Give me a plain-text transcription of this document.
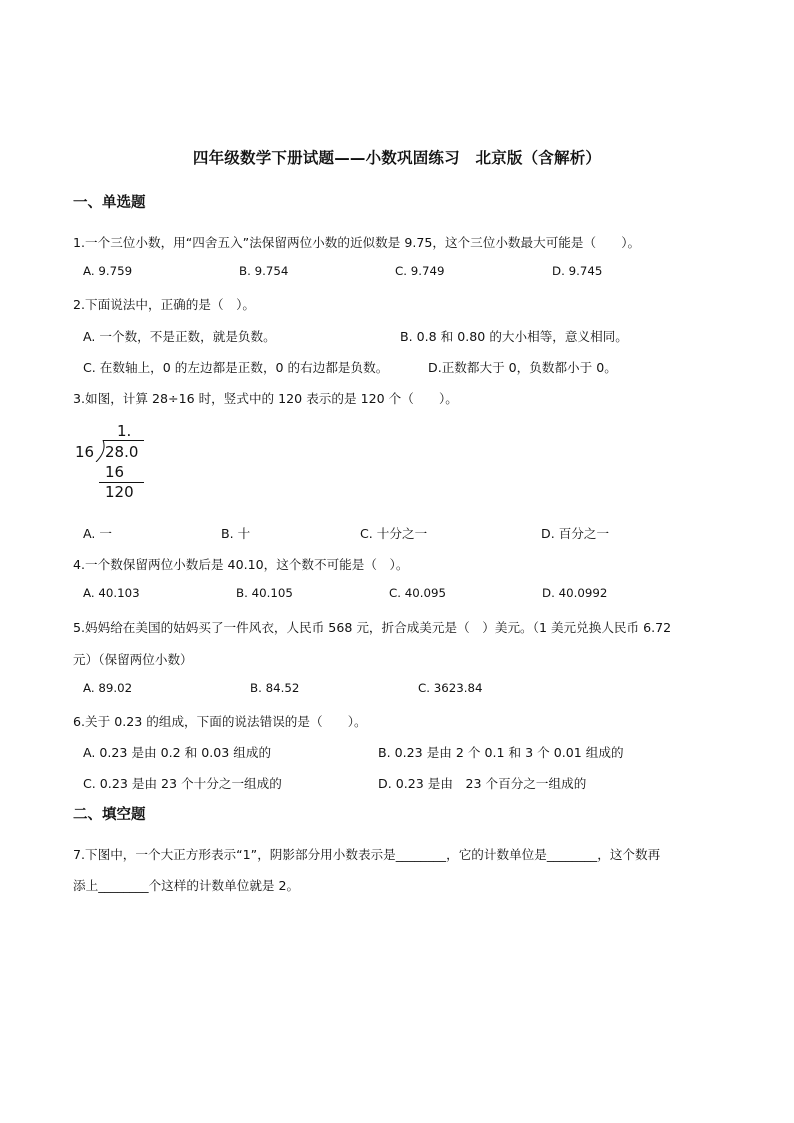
四年级数学下册试题——小数巩固练习　北京版（含解析）
一、单选题
1.一个三位小数，用“四舍五入”法保留两位小数的近似数是 9.75，这个三位小数最大可能是（　　）。
A. 9.759	B. 9.754	C. 9.749	D. 9.745
2.下面说法中，正确的是（　）。
A. 一个数，不是正数，就是负数。	B. 0.8 和 0.80 的大小相等，意义相同。
C. 在数轴上，0 的左边都是正数，0 的右边都是负数。	D.正数都大于 0，负数都小于 0。
3.如图，计算 28÷16 时，竖式中的 120 表示的是 120 个（　　）。
1.
16 28.0
16
120
A. 一	B. 十	C. 十分之一	D. 百分之一
4.一个数保留两位小数后是 40.10，这个数不可能是（　）。
A. 40.103	B. 40.105	C. 40.095	D. 40.0992
5.妈妈给在美国的姑妈买了一件风衣，人民币 568 元，折合成美元是（　）美元。（1 美元兑换人民币 6.72
元）（保留两位小数）
A. 89.02	B. 84.52	C. 3623.84
6.关于 0.23 的组成，下面的说法错误的是（　　）。
A. 0.23 是由 0.2 和 0.03 组成的	B. 0.23 是由 2 个 0.1 和 3 个 0.01 组成的
C. 0.23 是由 23 个十分之一组成的	D. 0.23 是由　23 个百分之一组成的
二、填空题
7.下图中，一个大正方形表示“1”，阴影部分用小数表示是________，它的计数单位是________，这个数再
添上________个这样的计数单位就是 2。
